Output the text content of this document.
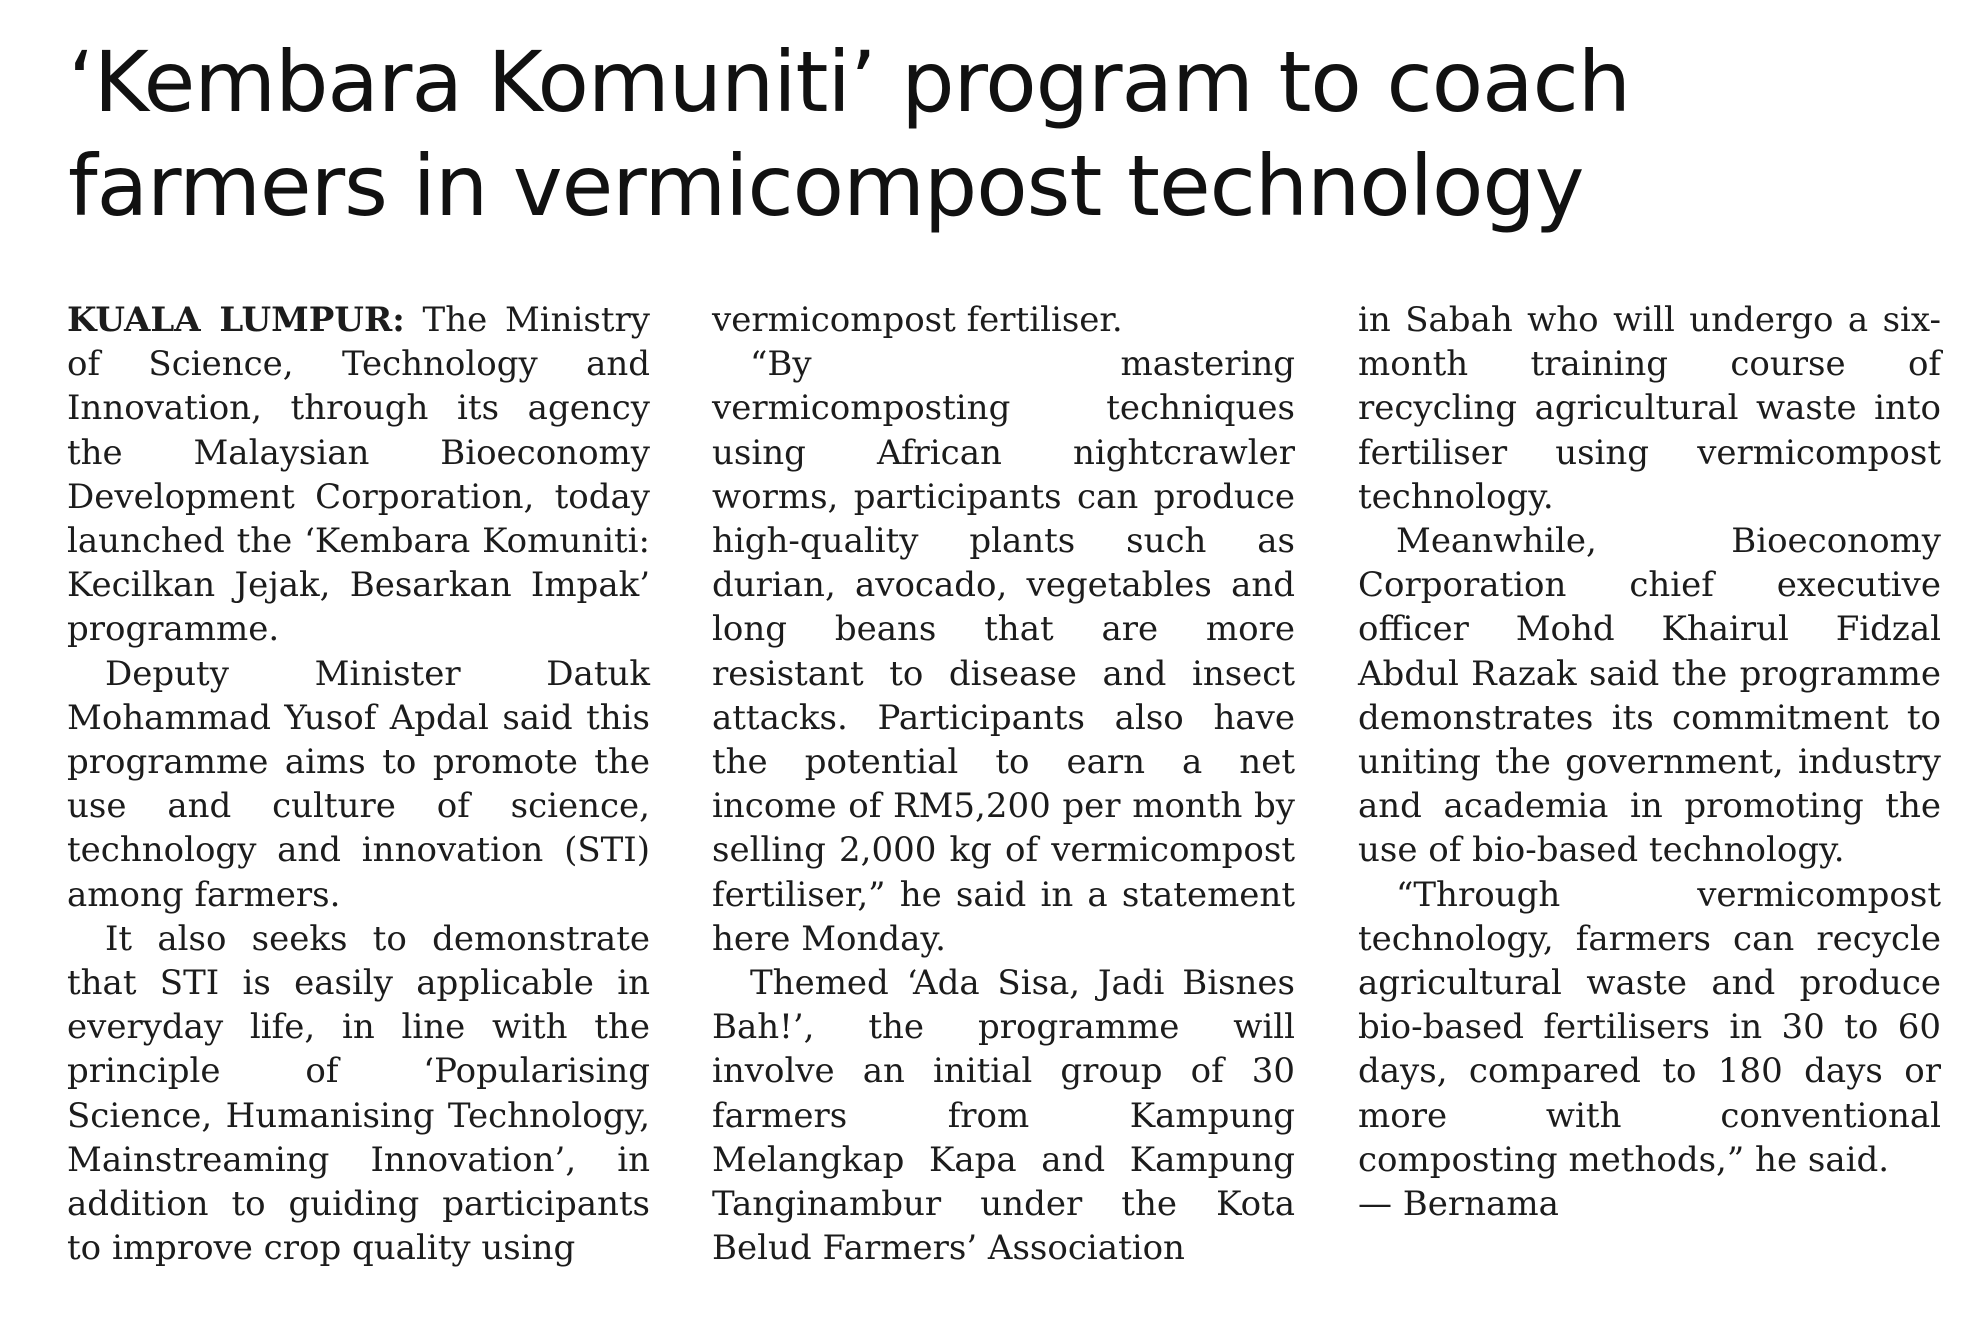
‘Kembara Komuniti’ program to coach
farmers in vermicompost technology

KUALA LUMPUR: The Ministry of Science, Technology and Innovation, through its agency the Malaysian Bioeconomy Development Corporation, today launched the ‘Kembara Komuniti: Kecilkan Jejak, Besarkan Impak’ programme.

Deputy Minister Datuk Mohammad Yusof Apdal said this programme aims to promote the use and culture of science, technology and innovation (STI) among farmers.

It also seeks to demonstrate that STI is easily applicable in everyday life, in line with the principle of ‘Popularising Science, Humanising Technology, Mainstreaming Innovation’, in addition to guiding participants to improve crop quality using

vermicompost fertiliser.

“By mastering vermicomposting techniques using African nightcrawler worms, participants can produce high-quality plants such as durian, avocado, vegetables and long beans that are more resistant to disease and insect attacks. Participants also have the potential to earn a net income of RM5,200 per month by selling 2,000 kg of vermicompost fertiliser,” he said in a statement here Monday.

Themed ‘Ada Sisa, Jadi Bisnes Bah!’, the programme will involve an initial group of 30 farmers from Kampung Melangkap Kapa and Kampung Tanginambur under the Kota Belud Farmers’ Association

in Sabah who will undergo a six-month training course of recycling agricultural waste into fertiliser using vermicompost technology.

Meanwhile, Bioeconomy Corporation chief executive officer Mohd Khairul Fidzal Abdul Razak said the programme demonstrates its commitment to uniting the government, industry and academia in promoting the use of bio-based technology.

“Through vermicompost technology, farmers can recycle agricultural waste and produce bio-based fertilisers in 30 to 60 days, compared to 180 days or more with conventional composting methods,” he said.

— Bernama
